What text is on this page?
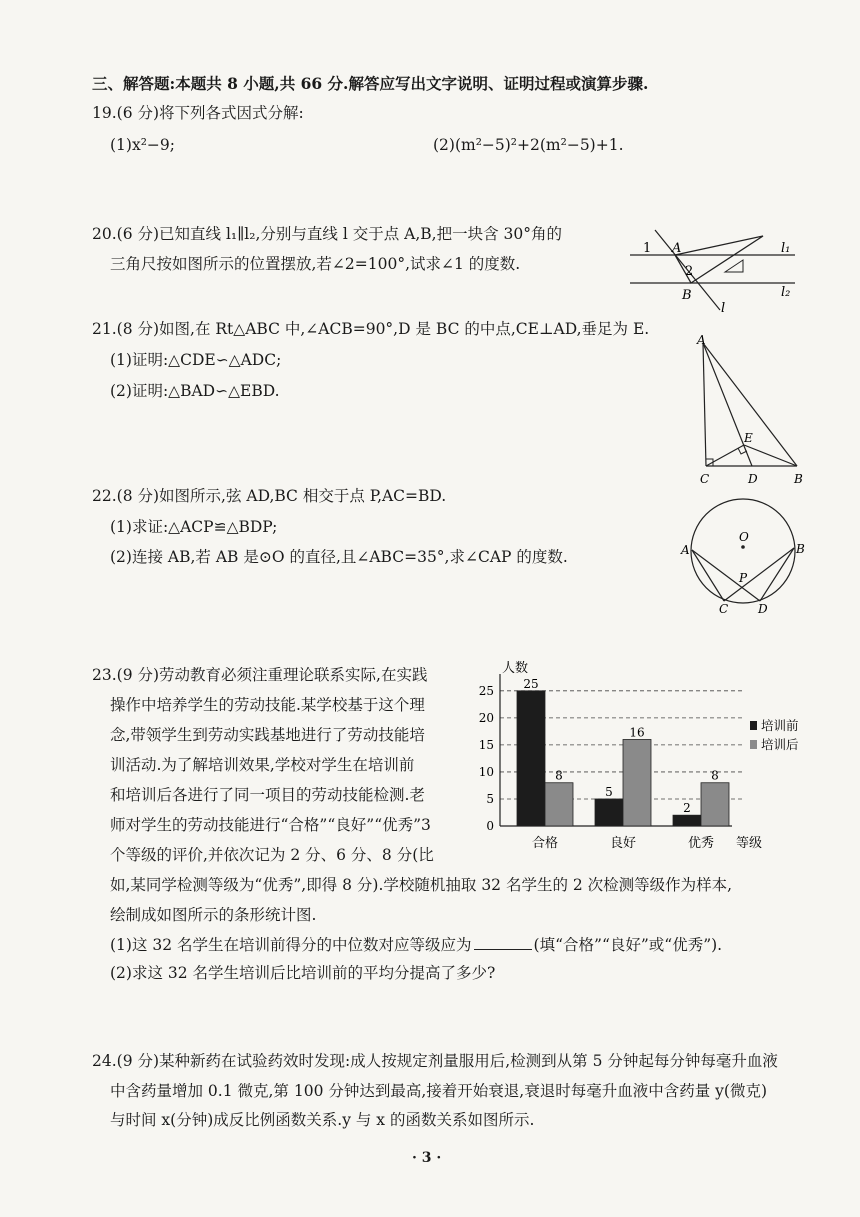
三、解答题:本题共 8 小题,共 66 分.解答应写出文字说明、证明过程或演算步骤.
19.(6 分)将下列各式因式分解:
(1)x²−9;	(2)(m²−5)²+2(m²−5)+1.
20.(6 分)已知直线 l₁∥l₂,分别与直线 l 交于点 A,B,把一块含 30°角的
三角尺按如图所示的位置摆放,若∠2=100°,试求∠1 的度数.
1 A
2
B
l
l₁
l₂
21.(8 分)如图,在 Rt△ABC 中,∠ACB=90°,D 是 BC 的中点,CE⊥AD,垂足为 E.
(1)证明:△CDE∽△ADC;
(2)证明:△BAD∽△EBD.
A
E
C	D	B
22.(8 分)如图所示,弦 AD,BC 相交于点 P,AC=BD.
(1)求证:△ACP≌△BDP;
(2)连接 AB,若 AB 是⊙O 的直径,且∠ABC=35°,求∠CAP 的度数.
O
A	B
P
C D
23.(9 分)劳动教育必须注重理论联系实际,在实践
操作中培养学生的劳动技能.某学校基于这个理
念,带领学生到劳动实践基地进行了劳动技能培
训活动.为了解培训效果,学校对学生在培训前
和培训后各进行了同一项目的劳动技能检测.老
师对学生的劳动技能进行“合格”“良好”“优秀”3
个等级的评价,并依次记为 2 分、6 分、8 分(比
如,某同学检测等级为“优秀”,即得 8 分).学校随机抽取 32 名学生的 2 次检测等级作为样本,
绘制成如图所示的条形统计图.
(1)这 32 名学生在培训前得分的中位数对应等级应为	(填“合格”“良好”或“优秀”).
(2)求这 32 名学生培训后比培训前的平均分提高了多少?
0
5
10
15
20
25
人数
等级
25
8
合格
5
16
良好
2
8
优秀
培训前
培训后
24.(9 分)某种新药在试验药效时发现:成人按规定剂量服用后,检测到从第 5 分钟起每分钟每毫升血液
中含药量增加 0.1 微克,第 100 分钟达到最高,接着开始衰退,衰退时每毫升血液中含药量 y(微克)
与时间 x(分钟)成反比例函数关系.y 与 x 的函数关系如图所示.
· 3 ·
